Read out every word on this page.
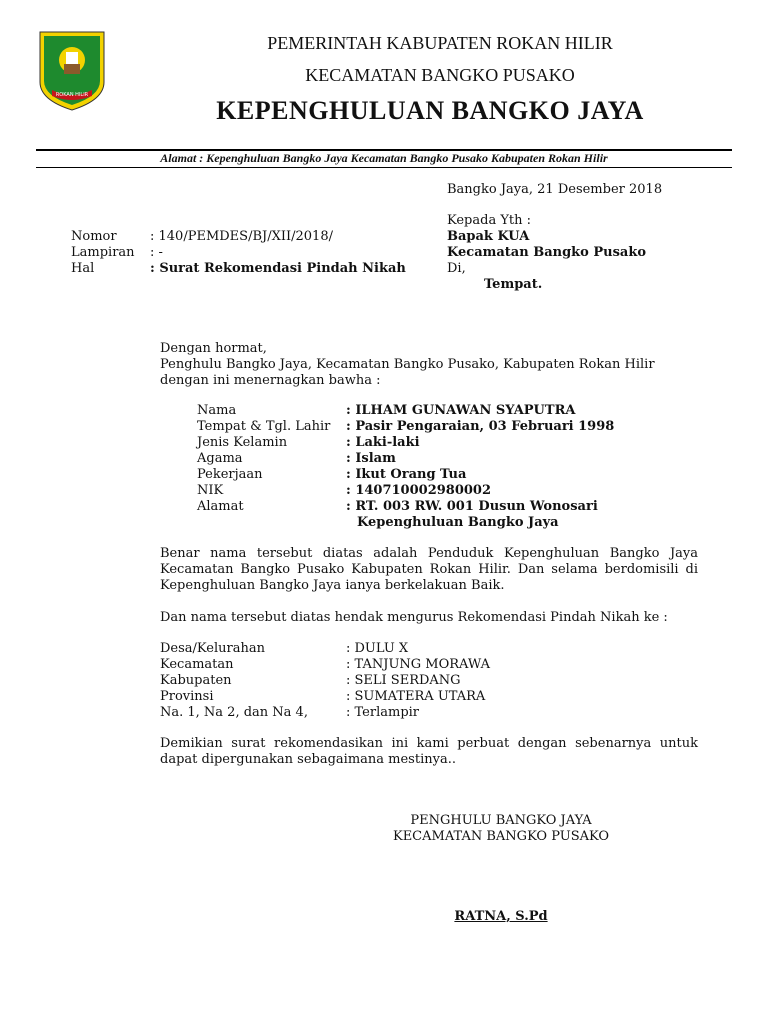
ROKAN HILIR
PEMERINTAH KABUPATEN ROKAN HILIR
KECAMATAN BANGKO PUSAKO
KEPENGHULUAN BANGKO JAYA
Alamat : Kepenghuluan Bangko Jaya Kecamatan Bangko Pusako Kabupaten Rokan Hilir
Bangko Jaya, 21 Desember 2018
Kepada Yth :
Bapak KUA
Kecamatan Bangko Pusako
Di,
Tempat.
Nomor	: 140/PEMDES/BJ/XII/2018/
Lampiran : -
Hal	: Surat Rekomendasi Pindah Nikah
Dengan hormat,
Penghulu Bangko Jaya, Kecamatan Bangko Pusako, Kabupaten Rokan Hilir
dengan ini menernagkan bawha :
Nama	: ILHAM GUNAWAN SYAPUTRA
Tempat & Tgl. Lahir : Pasir Pengaraian, 03 Februari 1998
Jenis Kelamin	: Laki-laki
Agama	: Islam
Pekerjaan	: Ikut Orang Tua
NIK	: 140710002980002
Alamat	: RT. 003 RW. 001 Dusun Wonosari
Kepenghuluan Bangko Jaya
Benar nama tersebut diatas adalah Penduduk Kepenghuluan Bangko Jaya Kecamatan Bangko Pusako Kabupaten Rokan Hilir. Dan selama berdomisili di Kepenghuluan Bangko Jaya ianya berkelakuan Baik.
Dan nama tersebut diatas hendak mengurus Rekomendasi Pindah Nikah ke :
Desa/Kelurahan	: DULU X
Kecamatan	: TANJUNG MORAWA
Kabupaten	: SELI SERDANG
Provinsi	: SUMATERA UTARA
Na. 1, Na 2, dan Na 4,	: Terlampir
Demikian surat rekomendasikan ini kami perbuat dengan sebenarnya untuk dapat dipergunakan sebagaimana mestinya..
PENGHULU BANGKO JAYA
KECAMATAN BANGKO PUSAKO
RATNA, S.Pd
